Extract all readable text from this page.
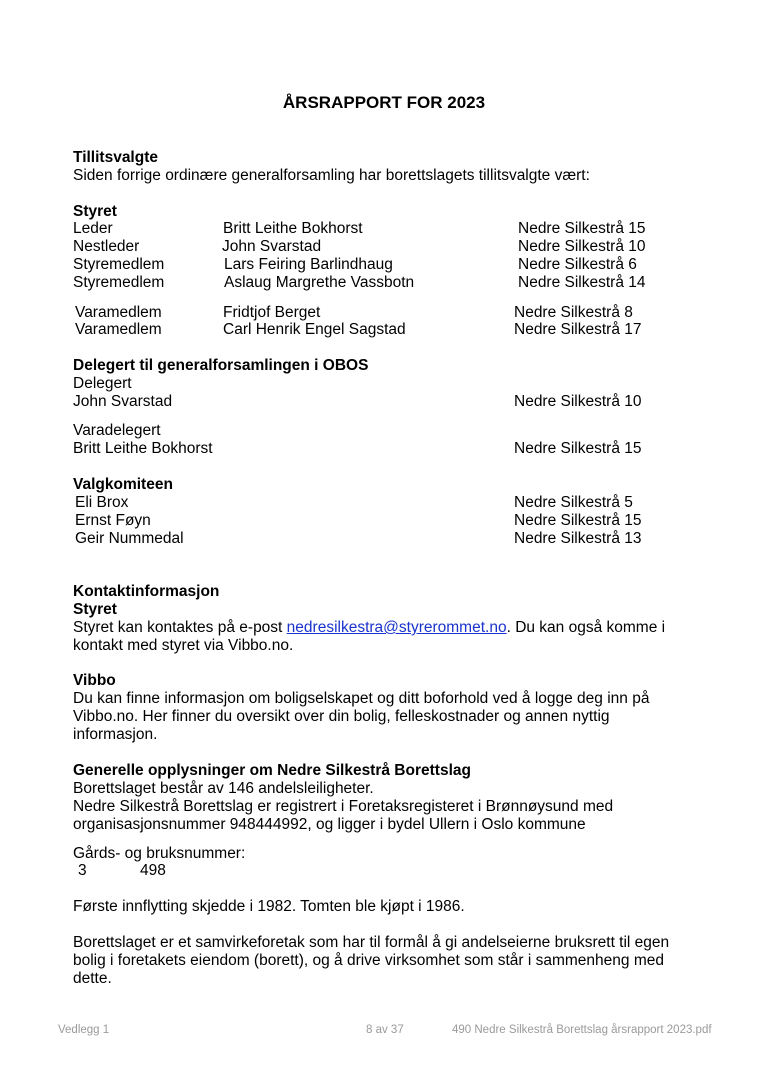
ÅRSRAPPORT FOR 2023
Tillitsvalgte
Siden forrige ordinære generalforsamling har borettslagets tillitsvalgte vært:
Styret
Leder	Britt Leithe Bokhorst	Nedre Silkestrå 15
Nestleder	John Svarstad	Nedre Silkestrå 10
Styremedlem	Lars Feiring Barlindhaug	Nedre Silkestrå 6
Styremedlem	Aslaug Margrethe Vassbotn	Nedre Silkestrå 14
Varamedlem	Fridtjof Berget	Nedre Silkestrå 8
Varamedlem	Carl Henrik Engel Sagstad	Nedre Silkestrå 17
Delegert til generalforsamlingen i OBOS
Delegert
John Svarstad	Nedre Silkestrå 10
Varadelegert
Britt Leithe Bokhorst	Nedre Silkestrå 15
Valgkomiteen
Eli Brox	Nedre Silkestrå 5
Ernst Føyn	Nedre Silkestrå 15
Geir Nummedal	Nedre Silkestrå 13
Kontaktinformasjon
Styret
Styret kan kontaktes på e-post nedresilkestra@styrerommet.no. Du kan også komme i
kontakt med styret via Vibbo.no.
Vibbo
Du kan finne informasjon om boligselskapet og ditt boforhold ved å logge deg inn på
Vibbo.no. Her finner du oversikt over din bolig, felleskostnader og annen nyttig
informasjon.
Generelle opplysninger om Nedre Silkestrå Borettslag
Borettslaget består av 146 andelsleiligheter.
Nedre Silkestrå Borettslag er registrert i Foretaksregisteret i Brønnøysund med
organisasjonsnummer 948444992, og ligger i bydel Ullern i Oslo kommune
Gårds- og bruksnummer:
3	498
Første innflytting skjedde i 1982. Tomten ble kjøpt i 1986.
Borettslaget er et samvirkeforetak som har til formål å gi andelseierne bruksrett til egen
bolig i foretakets eiendom (borett), og å drive virksomhet som står i sammenheng med
dette.
Vedlegg 1	8 av 37	490 Nedre Silkestrå Borettslag årsrapport 2023.pdf
